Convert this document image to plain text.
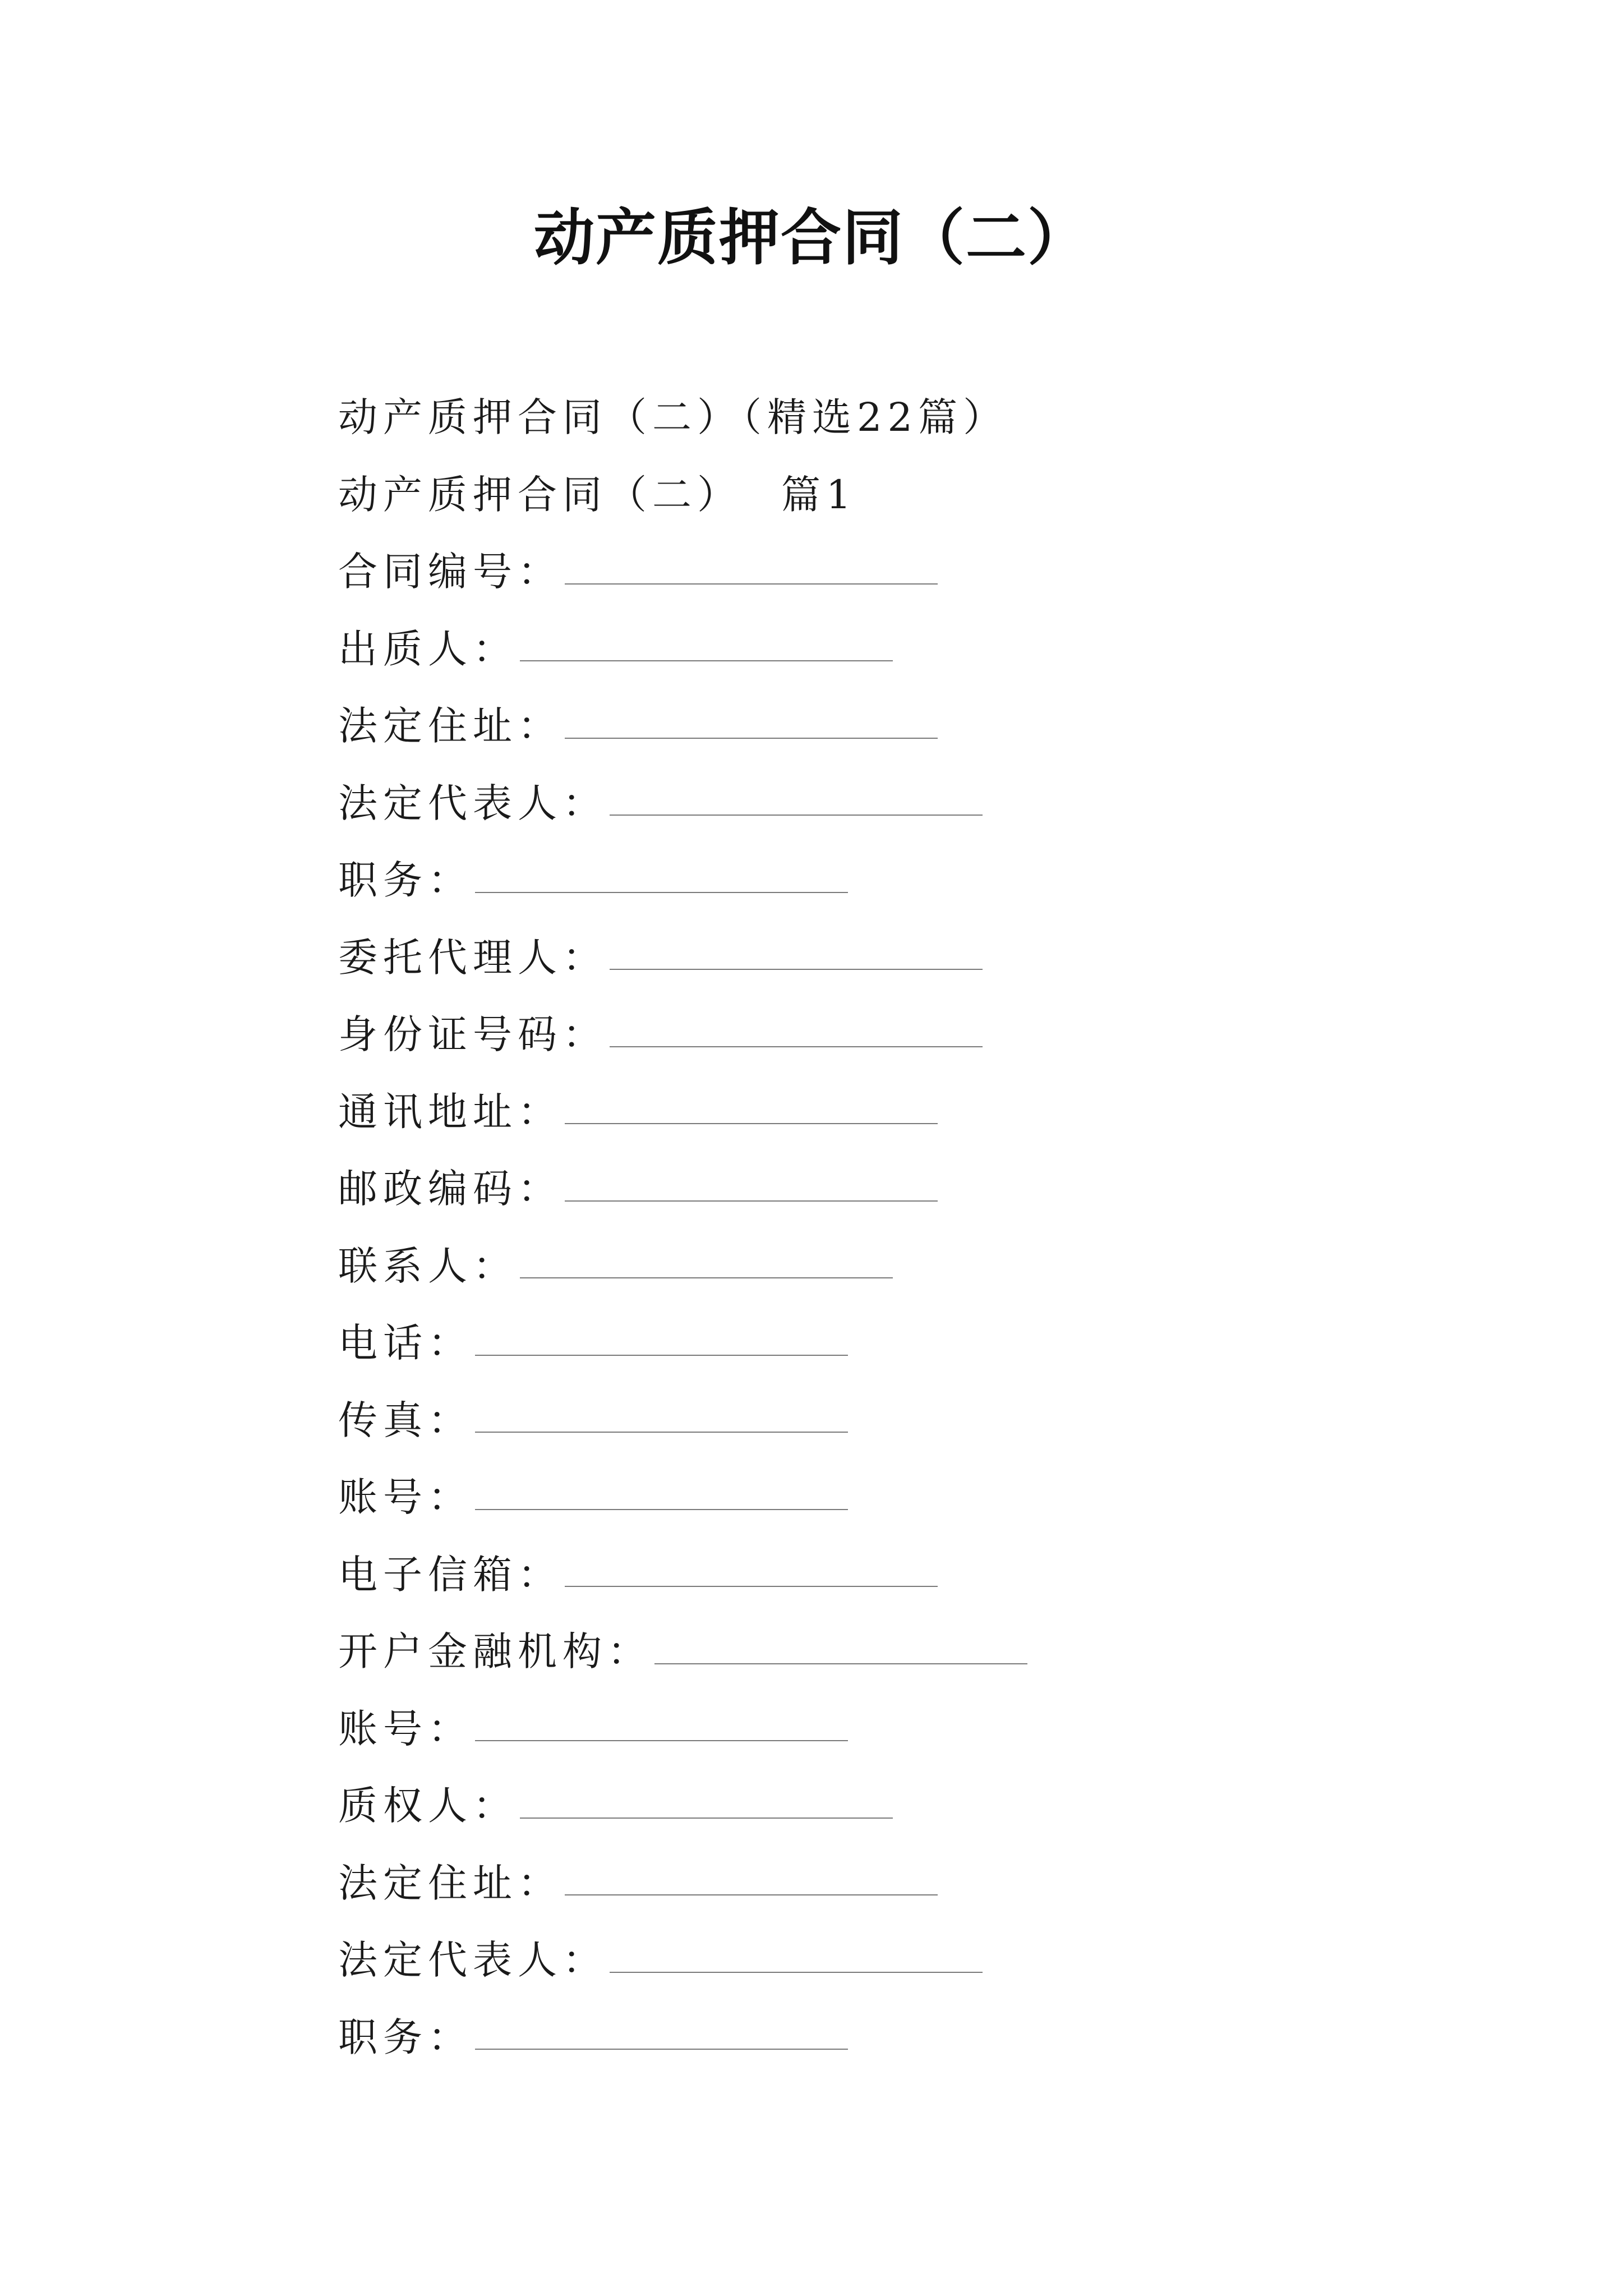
动产质押合同（二）
动产质押合同（二）（精选22篇）
动产质押合同（二） 篇1
合同编号：
出质人：
法定住址：
法定代表人：
职务：
委托代理人：
身份证号码：
通讯地址：
邮政编码：
联系人：
电话：
传真：
账号：
电子信箱：
开户金融机构：
账号：
质权人：
法定住址：
法定代表人：
职务：
